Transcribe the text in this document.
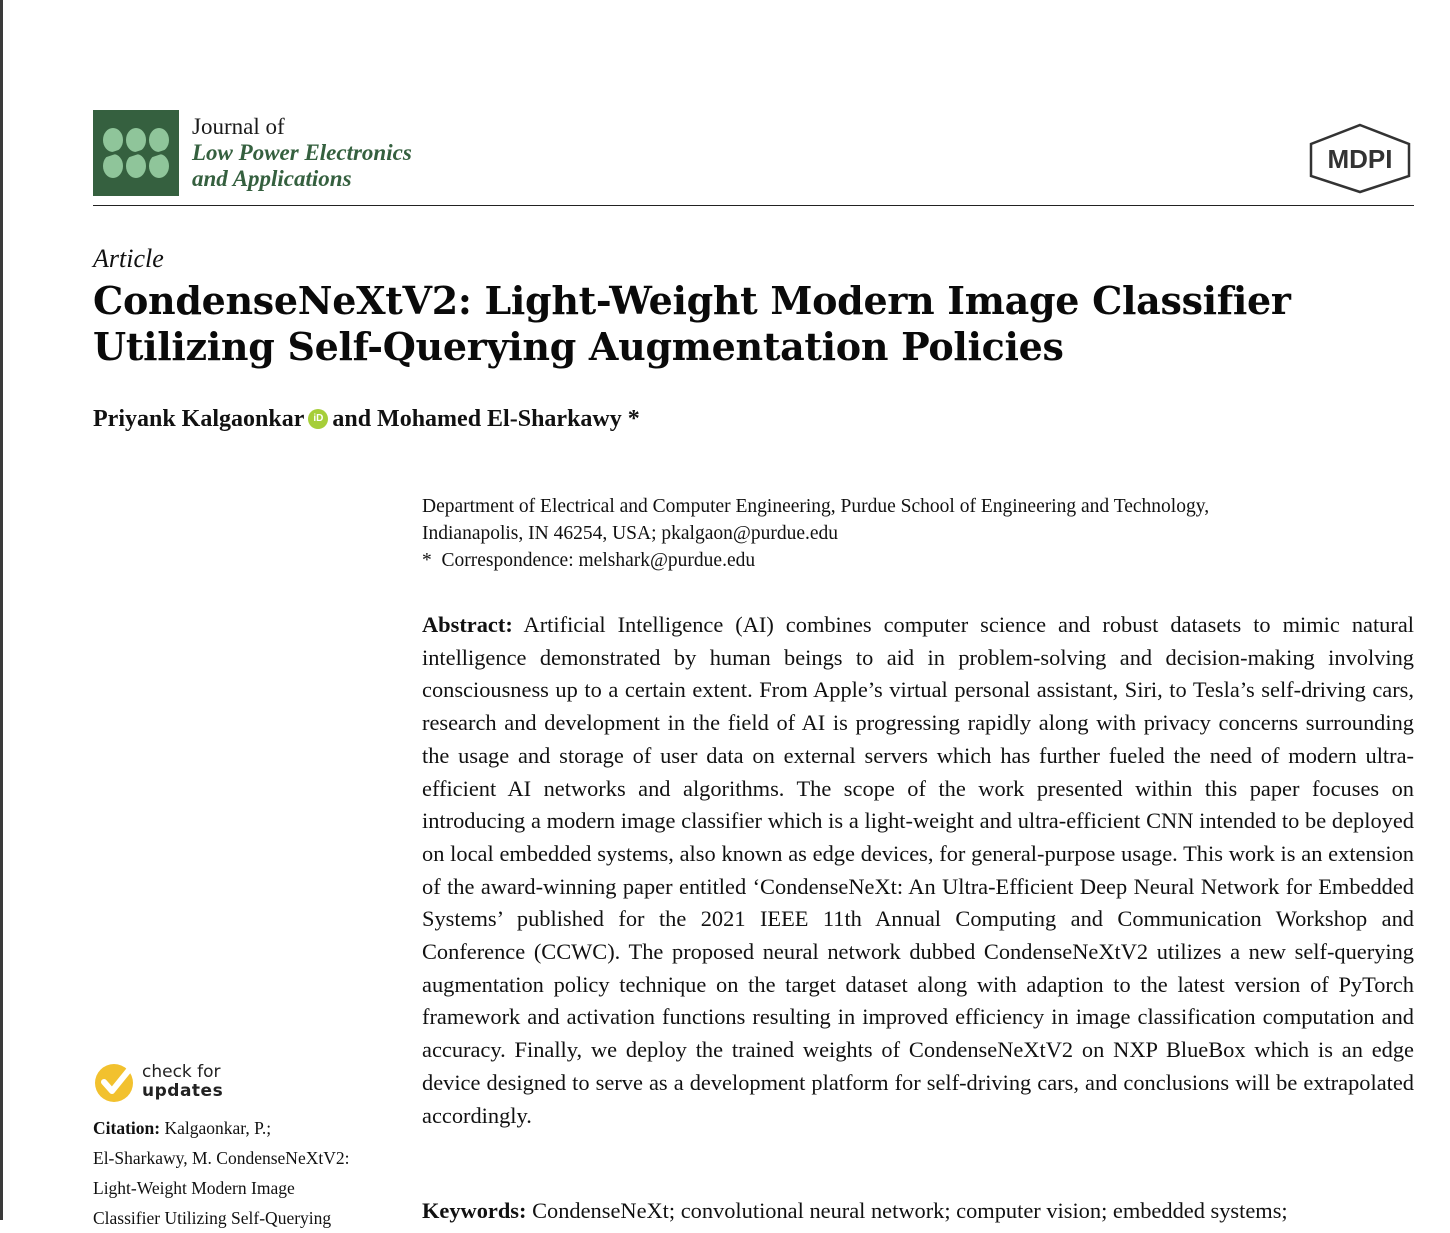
Journal of
Low Power Electronics
and Applications
MDPI
Article
CondenseNeXtV2: Light-Weight Modern Image Classifier
Utilizing Self-Querying Augmentation Policies
Priyank Kalgaonkar iD and Mohamed El-Sharkawy *
Department of Electrical and Computer Engineering, Purdue School of Engineering and Technology,
Indianapolis, IN 46254, USA; pkalgaon@purdue.edu
*  Correspondence: melshark@purdue.edu

Abstract: Artificial Intelligence (AI) combines computer science and robust datasets to mimic natural intelligence demonstrated by human beings to aid in problem-solving and decision-making involving consciousness up to a certain extent. From Apple’s virtual personal assistant, Siri, to Tesla’s self-driving cars, research and development in the field of AI is progressing rapidly along with privacy concerns surrounding the usage and storage of user data on external servers which has further fueled the need of modern ultra-efficient AI networks and algorithms. The scope of the work presented within this paper focuses on introducing a modern image classifier which is a light-weight and ultra-efficient CNN intended to be deployed on local embedded systems, also known as edge devices, for general-purpose usage. This work is an extension of the award-winning paper entitled ‘CondenseNeXt: An Ultra-Efficient Deep Neural Network for Embedded Systems’ published for the 2021 IEEE 11th Annual Computing and Communication Workshop and Conference (CCWC). The proposed neural network dubbed CondenseNeXtV2 utilizes a new self-querying augmentation policy technique on the target dataset along with adaption to the latest version of PyTorch framework and activation functions resulting in improved efficiency in image classification computation and accuracy. Finally, we deploy the trained weights of CondenseNeXtV2 on NXP BlueBox which is an edge device designed to serve as a development platform for self-driving cars, and conclusions will be extrapolated accordingly.

Keywords: CondenseNeXt; convolutional neural network; computer vision; embedded systems;
check for
updates
Citation: Kalgaonkar, P.;
El-Sharkawy, M. CondenseNeXtV2:
Light-Weight Modern Image
Classifier Utilizing Self-Querying
